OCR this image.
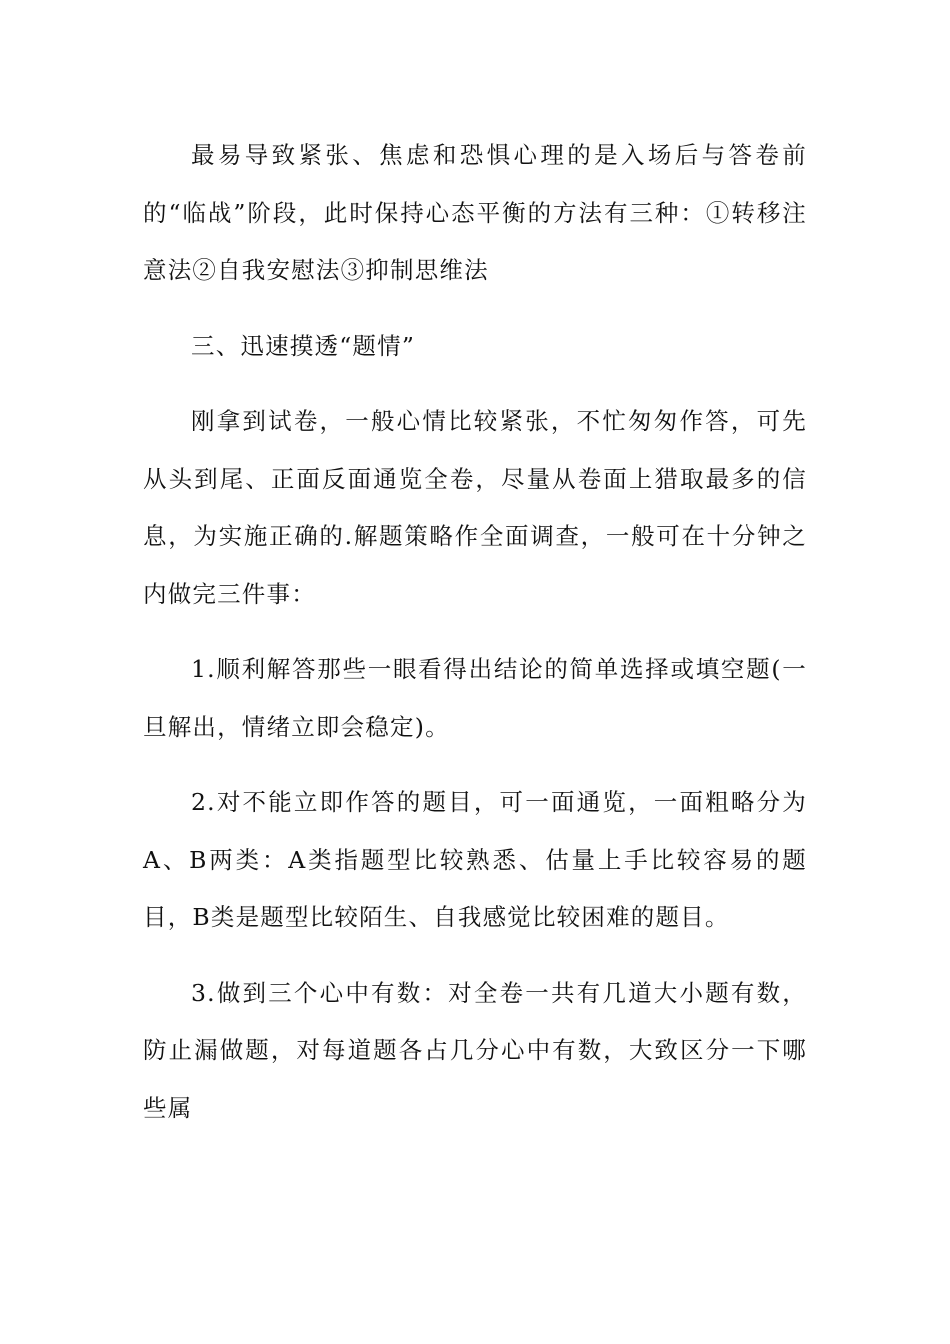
最易导致紧张、焦虑和恐惧心理的是入场后与答卷前的“临战”阶段，此时保持心态平衡的方法有三种：①转移注意法②自我安慰法③抑制思维法

三、迅速摸透“题情”

刚拿到试卷，一般心情比较紧张，不忙匆匆作答，可先从头到尾、正面反面通览全卷，尽量从卷面上猎取最多的信息，为实施正确的.解题策略作全面调查，一般可在十分钟之内做完三件事：

1.顺利解答那些一眼看得出结论的简单选择或填空题(一旦解出，情绪立即会稳定)。

2.对不能立即作答的题目，可一面通览，一面粗略分为A、B两类：A类指题型比较熟悉、估量上手比较容易的题目，B类是题型比较陌生、自我感觉比较困难的题目。

3.做到三个心中有数：对全卷一共有几道大小题有数，防止漏做题，对每道题各占几分心中有数，大致区分一下哪些属
